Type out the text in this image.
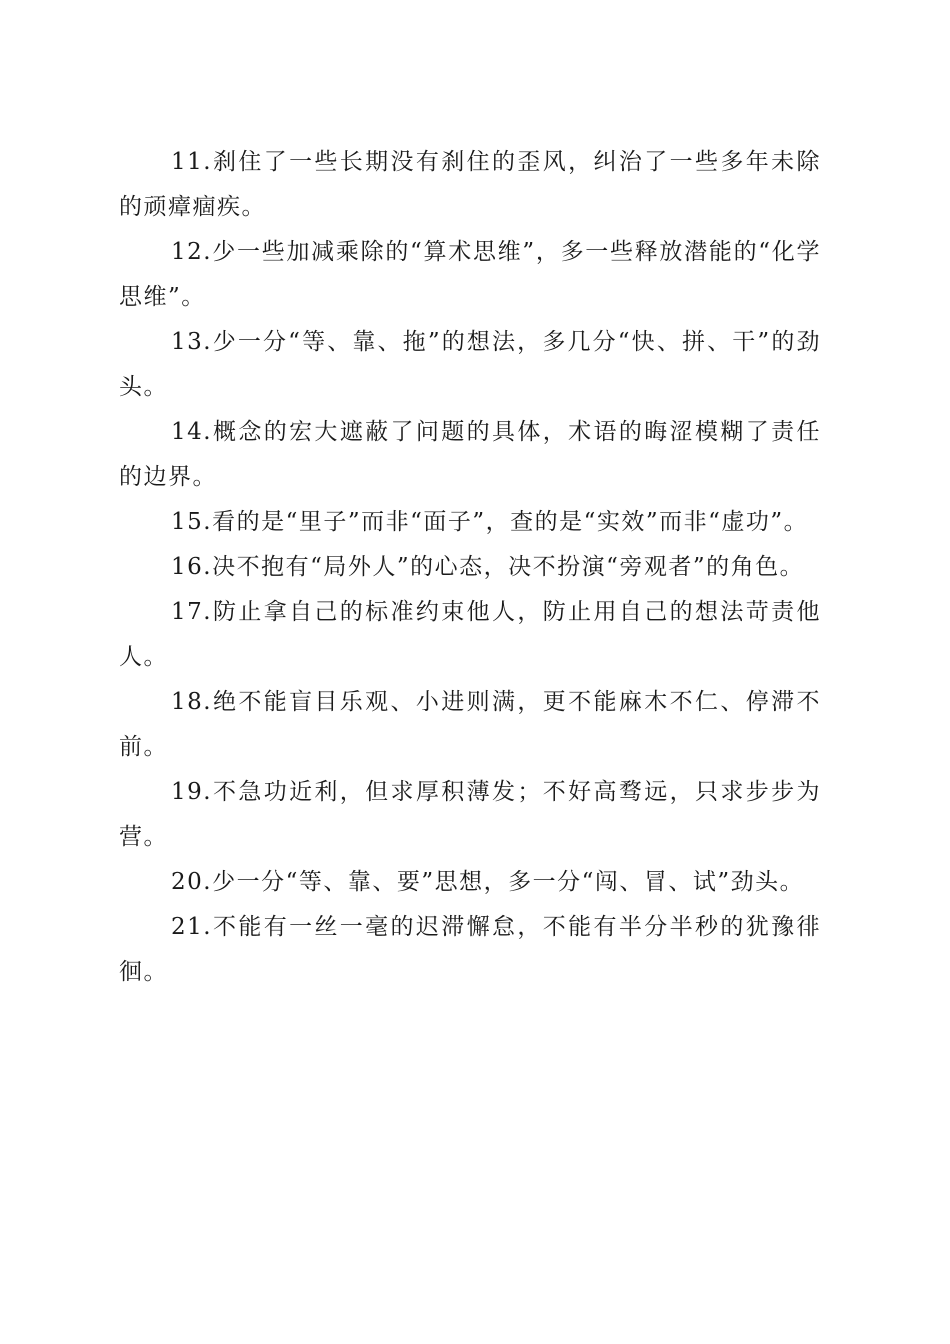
11.刹住了一些长期没有刹住的歪风，纠治了一些多年未除的顽瘴痼疾。

12.少一些加减乘除的“算术思维”，多一些释放潜能的“化学思维”。

13.少一分“等、靠、拖”的想法，多几分“快、拼、干”的劲头。

14.概念的宏大遮蔽了问题的具体，术语的晦涩模糊了责任的边界。

15.看的是“里子”而非“面子”，查的是“实效”而非“虚功”。

16.决不抱有“局外人”的心态，决不扮演“旁观者”的角色。

17.防止拿自己的标准约束他人，防止用自己的想法苛责他人。

18.绝不能盲目乐观、小进则满，更不能麻木不仁、停滞不前。

19.不急功近利，但求厚积薄发；不好高骛远，只求步步为营。

20.少一分“等、靠、要”思想，多一分“闯、冒、试”劲头。

21.不能有一丝一毫的迟滞懈怠，不能有半分半秒的犹豫徘徊。
